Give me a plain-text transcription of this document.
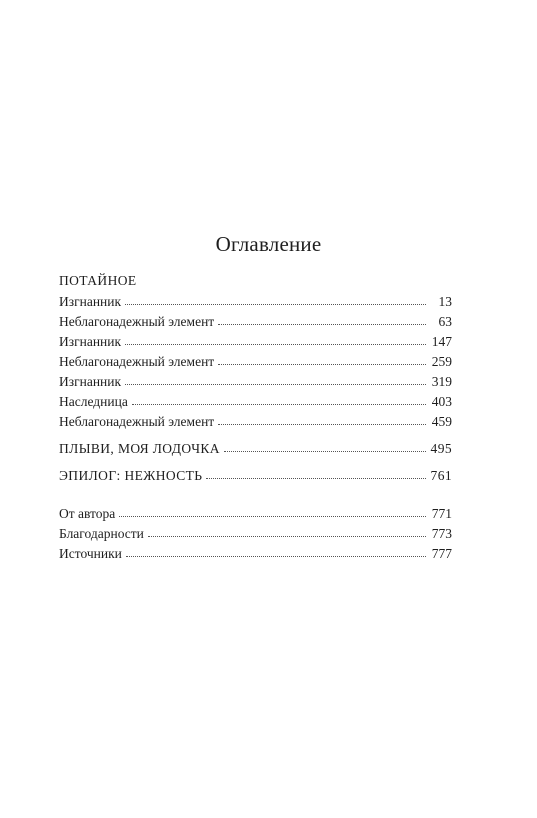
Оглавление
ПОТАЙНОЕ
Изгнанник	13
Неблагонадежный элемент	63
Изгнанник	147
Неблагонадежный элемент	259
Изгнанник	319
Наследница	403
Неблагонадежный элемент	459
ПЛЫВИ, МОЯ ЛОДОЧКА	495
ЭПИЛОГ: НЕЖНОСТЬ	761
От автора	771
Благодарности	773
Источники	777
